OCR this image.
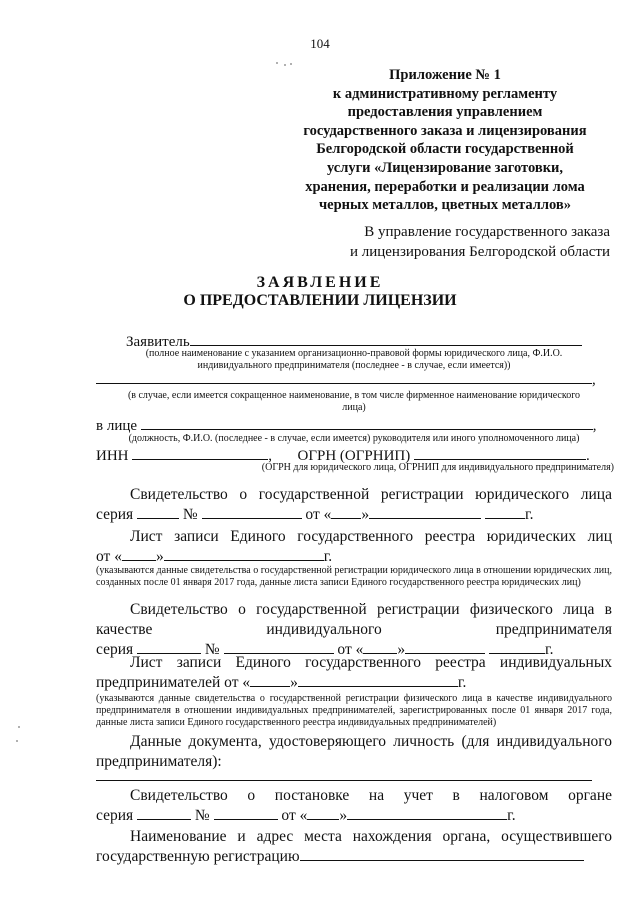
104
Приложение № 1
к административному регламенту
предоставления управлением
государственного заказа и лицензирования
Белгородской области государственной
услуги «Лицензирование заготовки,
хранения, переработки и реализации лома
черных металлов, цветных металлов»
В управление государственного заказа
и лицензирования Белгородской области
ЗАЯВЛЕНИЕ
О ПРЕДОСТАВЛЕНИИ ЛИЦЕНЗИИ
Заявитель
(полное наименование с указанием организационно-правовой формы юридического лица, Ф.И.О.
индивидуального предпринимателя (последнее - в случае, если имеется))
,
(в случае, если имеется сокращенное наименование, в том числе фирменное наименование юридического
лица)
в лице	,
(должность, Ф.И.О. (последнее - в случае, если имеется) руководителя или иного уполномоченного лица)
ИНН	, ОГРН (ОГРНИП)	.
(ОГРН для юридического лица, ОГРНИП для индивидуального предпринимателя)
Свидетельство о государственной регистрации юридического лица
серия	№	от « »	г.
Лист записи Единого государственного реестра юридических лиц
от « »	г.
(указываются данные свидетельства о государственной регистрации юридического лица в отношении юридических лиц, созданных после 01 января 2017 года, данные листа записи Единого государственного реестра юридических лиц)
Свидетельство о государственной регистрации физического лица в
качестве	индивидуального	предпринимателя
серия	№	от « »	г.
Лист записи Единого государственного реестра индивидуальных
предпринимателей от «	»	г.
(указываются данные свидетельства о государственной регистрации физического лица в качестве индивидуального предпринимателя в отношении индивидуальных предпринимателей, зарегистрированных после 01 января 2017 года, данные листа записи Единого государственного реестра индивидуальных предпринимателей)
Данные документа, удостоверяющего личность (для индивидуального
предпринимателя):
Свидетельство о постановке на учет в налоговом органе
серия	№	от « »	г.
Наименование и адрес места нахождения органа, осуществившего
государственную регистрацию
